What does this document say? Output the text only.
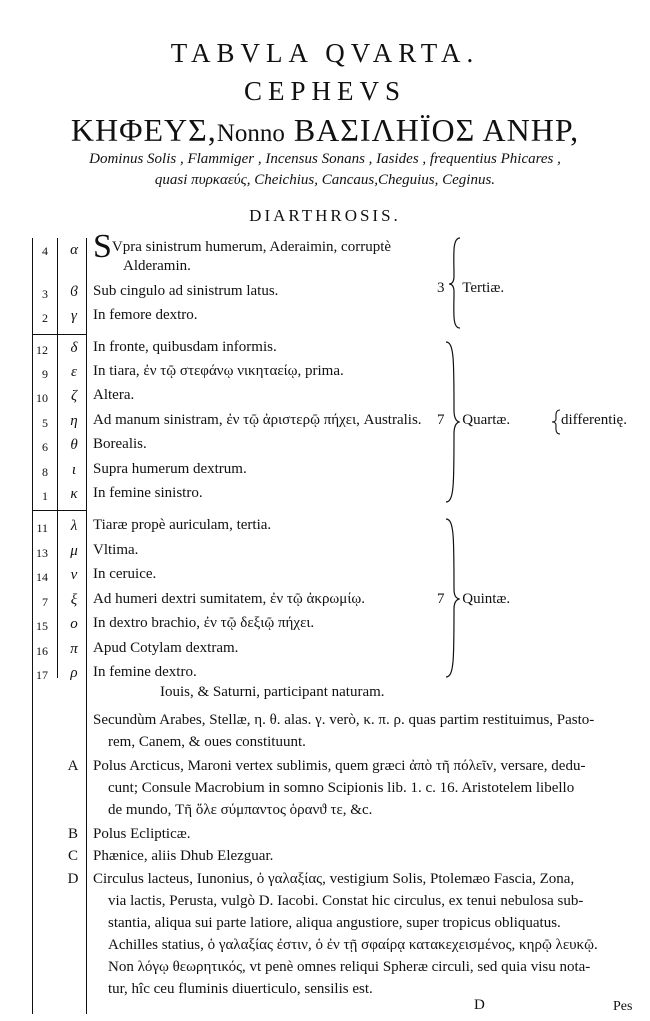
TABVLA QVARTA.
CEPHEVS
ΚΗΦΕΥΣ,Nonno ΒΑΣΙΛΗΪΟΣ ΑΝΗΡ,
Dominus Solis , Flammiger , Incensus Sonans , Iasides , frequentius Phicares ,
quasi πυρκαεύς, Cheichius, Cancaus,Cheguius, Ceginus.
DIARTHROSIS.
4	α SVpra sinistrum humerum, Aderaimin, corruptè
Alderamin.
3	ϐ	Sub cingulo ad sinistrum latus.
2	γ	In femore dextro.
3 Tertiæ.
12	δ	In fronte, quibusdam informis.
9	ε	In tiara, ἐν τῷ στεφάνῳ νικηταείῳ, prima.
10	ζ	Altera.
5	η	Ad manum sinistram, ἐν τῷ ἀριστερῷ πήχει, Australis.
6	θ	Borealis.
8	ι	Supra humerum dextrum.
1	κ	In femine sinistro.
7 Quartæ.	differentię.
11	λ	Tiaræ propè auriculam, tertia.
13	μ	Vltima.
14	ν	In ceruice.
7	ξ	Ad humeri dextri sumitatem, ἐν τῷ ἀκρωμίῳ.
15	ο	In dextro brachio, ἐν τῷ δεξιῷ πήχει.
16	π	Apud Cotylam dextram.
17	ρ	In femine dextro.
7 Quintæ.
Iouis, & Saturni, participant naturam.
Secundùm Arabes, Stellæ, η. θ. alas. γ. verò, κ. π. ρ. quas partim restituimus, Pasto-
rem, Canem, & oues constituunt.
A Polus Arcticus, Maroni vertex sublimis, quem græci ἀπὸ τῆ πόλεῖν, versare, dedu-
cunt; Consule Macrobium in somno Scipionis lib. 1. c. 16. Aristotelem libello
de mundo, Τῆ ὅλε σύμπαντος ὁρανϑ τε, &c.
B	Polus Eclipticæ.
C	Phænice, aliis Dhub Elezguar.
D Circulus lacteus, Iunonius, ὁ γαλαξίας, vestigium Solis, Ptolemæo Fascia, Zona,
via lactis, Perusta, vulgò D. Iacobi. Constat hic circulus, ex tenui nebulosa sub-
stantia, aliqua sui parte latiore, aliqua angustiore, super tropicus obliquatus.
Achilles statius, ὁ γαλαξίας ἐστιν, ὁ ἐν τῇ σφαίρᾳ κατακεχεισμένος, κηρῷ λευκῷ.
Non λόγῳ θεωρητικός, vt penè omnes reliqui Spheræ circuli, sed quia visu nota-
tur, hîc ceu fluminis diuerticulo, sensilis est.
D	Pes
